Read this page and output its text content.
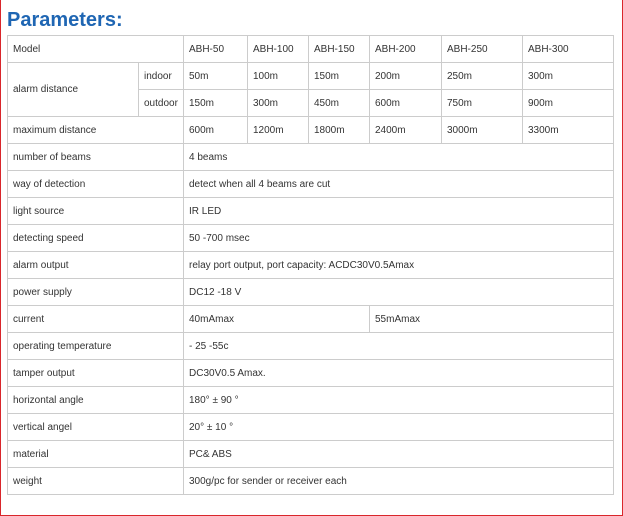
Parameters:
Model		ABH-50	ABH-100	ABH-150	ABH-200	ABH-250	ABH-300
alarm distance	indoor	50m	100m	150m	200m	250m	300m
	outdoor	150m	300m	450m	600m	750m	900m
maximum distance		600m	1200m	1800m	2400m	3000m	3300m
number of beams		4 beams					
way of detection		detect when all 4 beams are cut					
light source		IR LED					
detecting speed		50 -700 msec					
alarm output		relay port output, port capacity: ACDC30V0.5Amax					
power supply		DC12 -18 V					
current		40mAmax			55mAmax		
operating temperature		- 25 -55c					
tamper output		DC30V0.5 Amax.					
horizontal angle		180° ± 90 °					
vertical angel		20° ± 10 °					
material		PC& ABS					
weight		300g/pc for sender or receiver each					
